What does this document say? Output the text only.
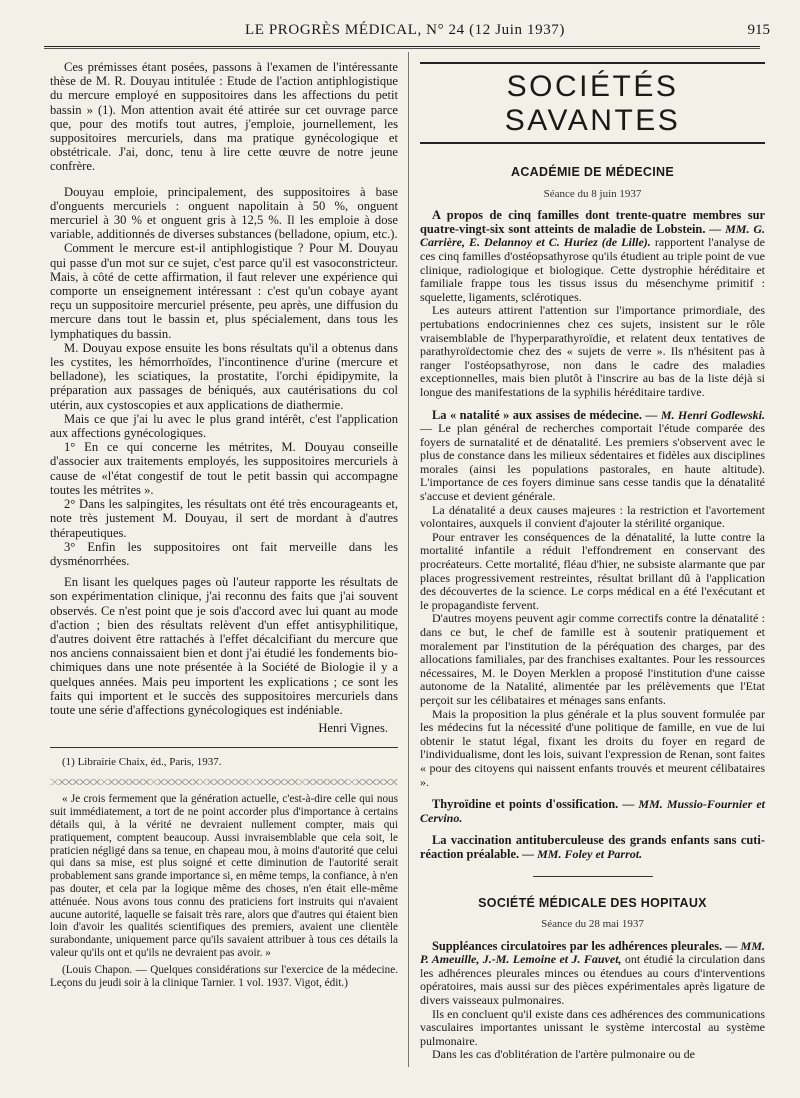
LE PROGRÈS MÉDICAL, N° 24 (12 Juin 1937)	915

Ces prémisses étant posées, passons à l'examen de l'intéressante thèse de M. R. Douyau intitulée : Etude de l'action antiphlogistique du mercure employé en suppositoires dans les affections du petit bassin » (1). Mon attention avait été attirée sur cet ouvrage parce que, pour des motifs tout autres, j'emploie, journellement, les suppositoires mercuriels, dans ma pratique gynécologique et obstétricale. J'ai, donc, tenu à lire cette œuvre de notre jeune confrère.

Douyau emploie, principalement, des suppositoires à base d'onguents mercuriels : onguent napolitain à 50 %, onguent mercuriel à 30 % et onguent gris à 12,5 %. Il les emploie à dose variable, additionnés de diverses substances (belladone, opium, etc.).

Comment le mercure est-il antiphlogistique ? Pour M. Douyau qui passe d'un mot sur ce sujet, c'est parce qu'il est vasoconstricteur. Mais, à côté de cette affirmation, il faut relever une expérience qui comporte un enseignement intéressant : c'est qu'un cobaye ayant reçu un suppositoire mercuriel présente, peu après, une diffusion du mercure dans tout le bassin et, plus spécialement, dans tous les lymphatiques du bassin.

M. Douyau expose ensuite les bons résultats qu'il a obtenus dans les cystites, les hémorrhoïdes, l'incontinence d'urine (mercure et belladone), les sciatiques, la prostatite, l'orchi épidipymite, la préparation aux passages de béniqués, aux cautérisations du col utérin, aux cystoscopies et aux applications de diathermie.

Mais ce que j'ai lu avec le plus grand intérêt, c'est l'application aux affections gynécologiques.

1° En ce qui concerne les métrites, M. Douyau conseille d'associer aux traitements employés, les suppositoires mercuriels à cause de «l'état congestif de tout le petit bassin qui accompagne toutes les métrites ».

2° Dans les salpingites, les résultats ont été très encourageants et, note très justement M. Douyau, il sert de mordant à d'autres thérapeutiques.

3° Enfin les suppositoires ont fait merveille dans les dysménorrhées.

En lisant les quelques pages où l'auteur rapporte les résultats de son expérimentation clinique, j'ai reconnu des faits que j'ai souvent observés. Ce n'est point que je sois d'accord avec lui quant au mode d'action ; bien des résultats relèvent d'un effet antisyphilitique, d'autres doivent être rattachés à l'effet décalcifiant du mercure que nos anciens connaissaient bien et dont j'ai étudié les fondements bio-chimiques dans une note présentée à la Société de Biologie il y a quelques années. Mais peu importent les explications ; ce sont les faits qui importent et le succès des suppositoires mercuriels dans toute une série d'affections gynécologiques est indéniable.

Henri Vignes.
(1) Librairie Chaix, éd., Paris, 1937.

« Je crois fermement que la génération actuelle, c'est-à-dire celle qui nous suit immédiatement, a tort de ne point accorder plus d'importance à certains détails qui, à la vérité ne devraient nullement compter, mais qui pratiquement, comptent beaucoup. Aussi invraisemblable que cela soit, le praticien négligé dans sa tenue, en chapeau mou, à moins d'autorité que celui qui dans sa mise, est plus soigné et cette diminution de l'autorité serait probablement sans grande importance si, en même temps, la confiance, à n'en pas douter, et cela par la logique même des choses, n'en était elle-même atténuée. Nous avons tous connu des praticiens fort instruits qui n'avaient aucune autorité, laquelle se faisait très rare, alors que d'autres qui étaient bien loin d'avoir les qualités scientifiques des premiers, avaient une clientèle surabondante, uniquement parce qu'ils savaient attribuer à tous ces détails la valeur qu'ils ont et qu'ils ne devraient pas avoir. »

(Louis Chapon. — Quelques considérations sur l'exercice de la médecine. Leçons du jeudi soir à la clinique Tarnier. 1 vol. 1937. Vigot, édit.)

SOCIÉTÉS SAVANTES
ACADÉMIE DE MÉDECINE
Séance du 8 juin 1937

A propos de cinq familles dont trente-quatre membres sur quatre-vingt-six sont atteints de maladie de Lobstein. — MM. G. Carrière, E. Delannoy et C. Huriez (de Lille). rapportent l'analyse de ces cinq familles d'ostéopsathyrose qu'ils étudient au triple point de vue clinique, radiologique et biologique. Cette dystrophie héréditaire et familiale frappe tous les tissus issus du mésenchyme primitif : squelette, ligaments, sclérotiques.

Les auteurs attirent l'attention sur l'importance primordiale, des pertubations endocriniennes chez ces sujets, insistent sur le rôle vraisemblable de l'hyperparathyroïdie, et relatent deux tentatives de parathyroïdectomie chez des « sujets de verre ». Ils n'hésitent pas à ranger l'ostéopsathyrose, non dans le cadre des maladies exceptionnelles, mais bien plutôt à l'inscrire au bas de la liste déjà si longue des manifestations de la syphilis héréditaire tardive.

La « natalité » aux assises de médecine. — M. Henri Godlewski. — Le plan général de recherches comportait l'étude comparée des foyers de surnatalité et de dénatalité. Les premiers s'observent avec le plus de constance dans les milieux sédentaires et fidèles aux disciplines morales (ainsi les populations pastorales, en haute altitude). L'importance de ces foyers diminue sans cesse tandis que la dénatalité s'accuse et devient générale.

La dénatalité a deux causes majeures : la restriction et l'avortement volontaires, auxquels il convient d'ajouter la stérilité organique.

Pour entraver les conséquences de la dénatalité, la lutte contre la mortalité infantile a réduit l'effondrement en conservant des procréateurs. Cette mortalité, fléau d'hier, ne subsiste alarmante que par places progressivement restreintes, résultat brillant dû à l'application des découvertes de la science. Le corps médical en a été l'exécutant et le propagandiste fervent.

D'autres moyens peuvent agir comme correctifs contre la dénatalité : dans ce but, le chef de famille est à soutenir pratiquement et moralement par l'institution de la péréquation des charges, par des allocations familiales, par des franchises exaltantes. Pour les ressources nécessaires, M. le Doyen Merklen a proposé l'institution d'une caisse autonome de la Natalité, alimentée par les prélèvements que l'Etat perçoit sur les célibataires et ménages sans enfants.

Mais la proposition la plus générale et la plus souvent formulée par les médecins fut la nécessité d'une politique de famille, en vue de lui obtenir le statut légal, fixant les droits du foyer en regard de l'individualisme, dont les lois, suivant l'expression de Renan, sont faites « pour des citoyens qui naissent enfants trouvés et meurent célibataires ».

Thyroïdine et points d'ossification. — MM. Mussio-Fournier et Cervino.

La vaccination antituberculeuse des grands enfants sans cuti-réaction préalable. — MM. Foley et Parrot.

SOCIÉTÉ MÉDICALE DES HOPITAUX
Séance du 28 mai 1937

Suppléances circulatoires par les adhérences pleurales. — MM. P. Ameuille, J.-M. Lemoine et J. Fauvet, ont étudié la circulation dans les adhérences pleurales minces ou étendues au cours d'interventions opératoires, mais aussi sur des pièces expérimentales après ligature de divers vaisseaux pulmonaires.

Ils en concluent qu'il existe dans ces adhérences des communications vasculaires importantes unissant le système intercostal au système pulmonaire.

Dans les cas d'oblitération de l'artère pulmonaire ou de
